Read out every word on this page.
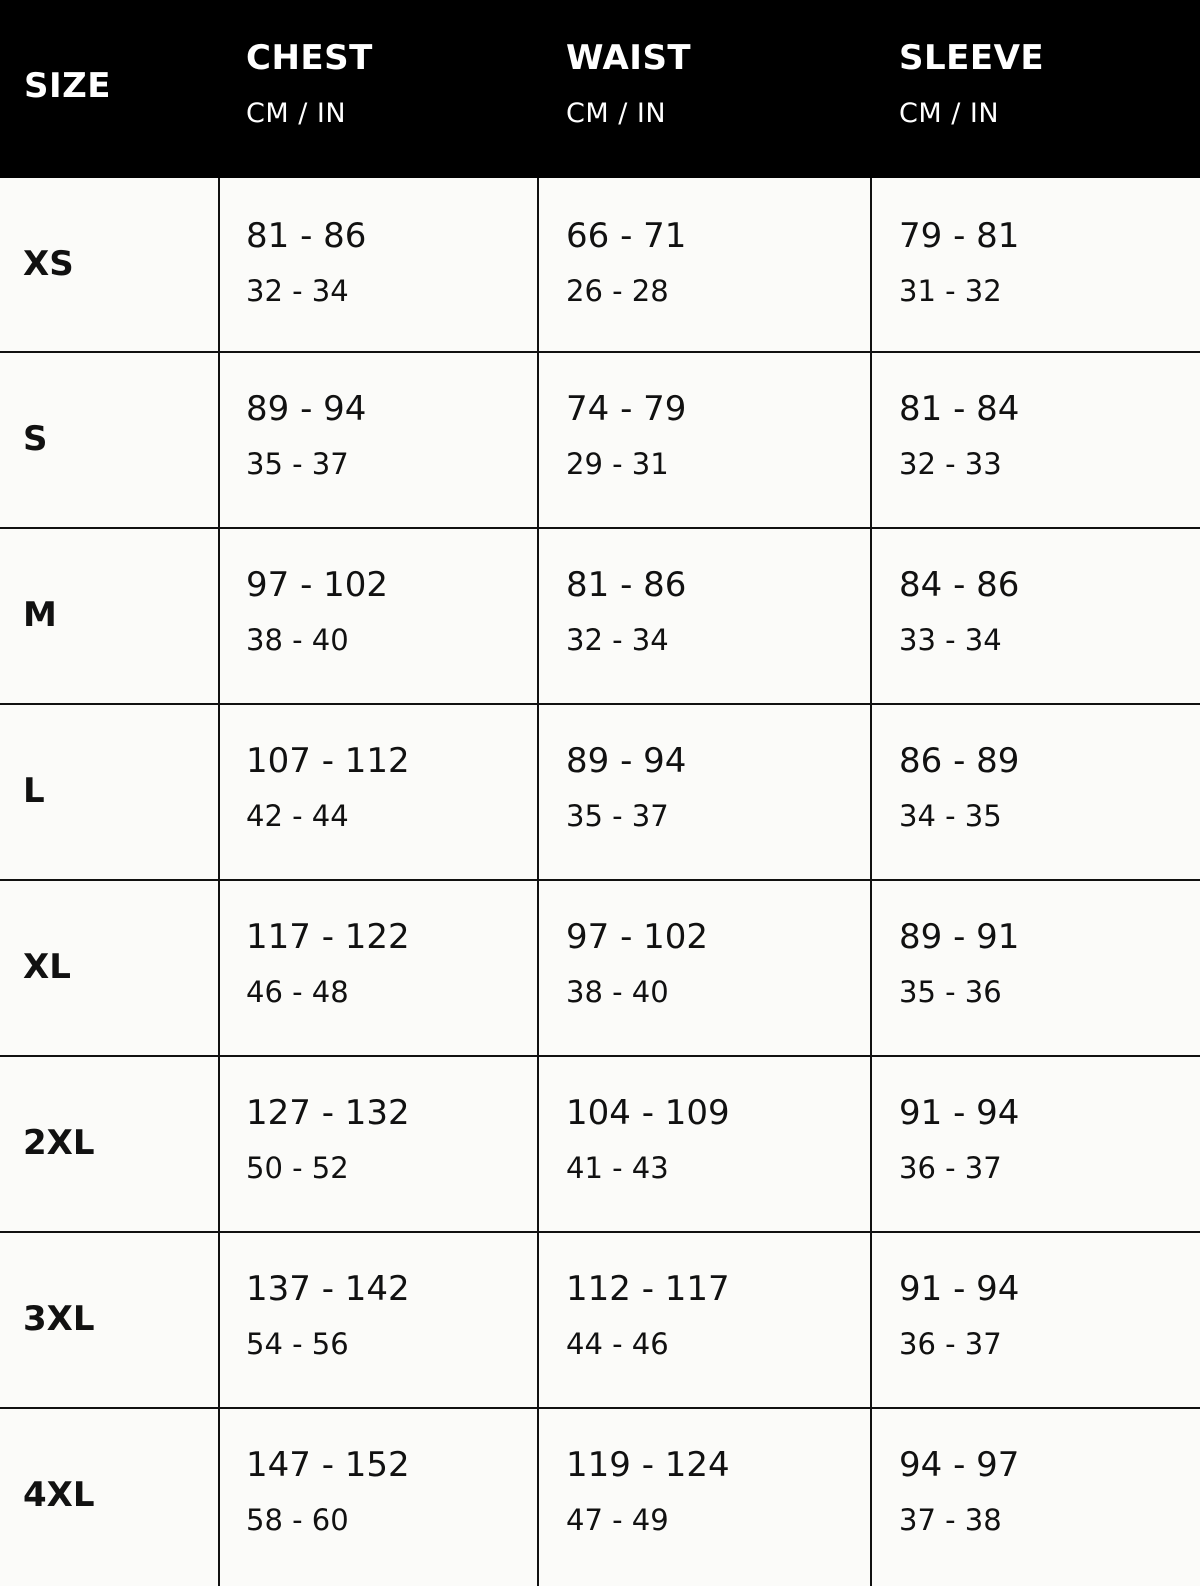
SIZE
CHEST
CM / IN
WAIST
CM / IN
SLEEVE
CM / IN
4XL
147 - 152
58 - 60
119 - 124
47 - 49
94 - 97
37 - 38
3XL
137 - 142
54 - 56
112 - 117
44 - 46
91 - 94
36 - 37
2XL
127 - 132
50 - 52
104 - 109
41 - 43
91 - 94
36 - 37
XL
117 - 122
46 - 48
97 - 102
38 - 40
89 - 91
35 - 36
L
107 - 112
42 - 44
89 - 94
35 - 37
86 - 89
34 - 35
M
97 - 102
38 - 40
81 - 86
32 - 34
84 - 86
33 - 34
S
89 - 94
35 - 37
74 - 79
29 - 31
81 - 84
32 - 33
XS
81 - 86
32 - 34
66 - 71
26 - 28
79 - 81
31 - 32
